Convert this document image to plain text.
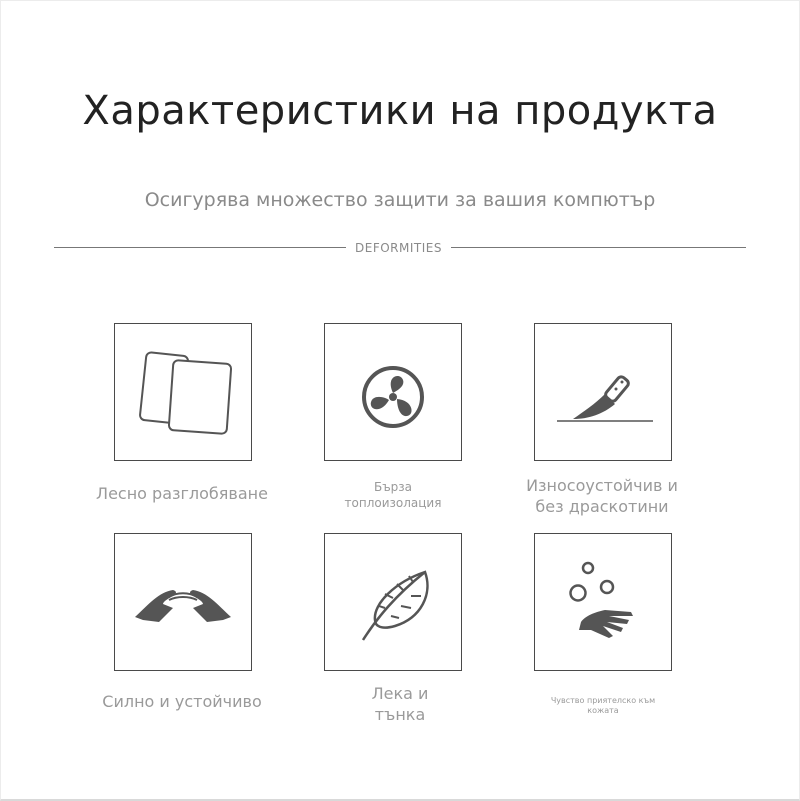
Характеристики на продукта
Осигурява множество защити за вашия компютър
DEFORMITIES
Лесно разглобяване	Бърза
топлоизолация
Износоустойчив и
без драскотини
Силно и устойчиво	Лека и
тънка
Чувство приятелско към кожата
